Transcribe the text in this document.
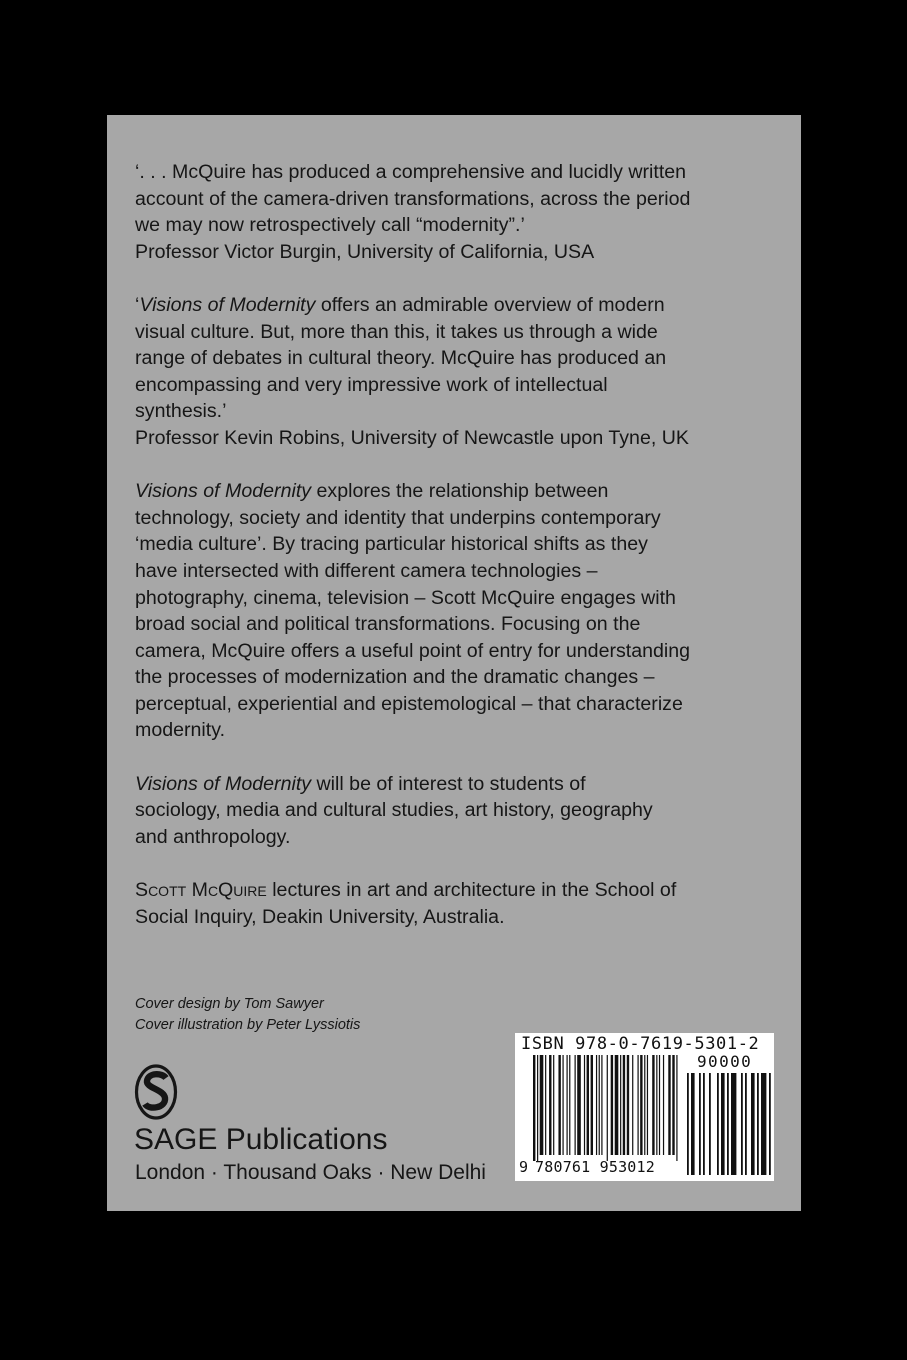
‘. . . McQuire has produced a comprehensive and lucidly written
account of the camera-driven transformations, across the period
we may now retrospectively call “modernity”.’
Professor Victor Burgin, University of California, USA

‘Visions of Modernity offers an admirable overview of modern
visual culture. But, more than this, it takes us through a wide
range of debates in cultural theory. McQuire has produced an
encompassing and very impressive work of intellectual
synthesis.’
Professor Kevin Robins, University of Newcastle upon Tyne, UK

Visions of Modernity explores the relationship between
technology, society and identity that underpins contemporary
‘media culture’. By tracing particular historical shifts as they
have intersected with different camera technologies –
photography, cinema, television – Scott McQuire engages with
broad social and political transformations. Focusing on the
camera, McQuire offers a useful point of entry for understanding
the processes of modernization and the dramatic changes –
perceptual, experiential and epistemological – that characterize
modernity.

Visions of Modernity will be of interest to students of
sociology, media and cultural studies, art history, geography
and anthropology.

Scott McQuire lectures in art and architecture in the School of
Social Inquiry, Deakin University, Australia.

Cover design by Tom Sawyer
Cover illustration by Peter Lyssiotis
SAGE Publications
London · Thousand Oaks · New Delhi
ISBN 978-0-7619-5301-2
90000
9 780761 953012
